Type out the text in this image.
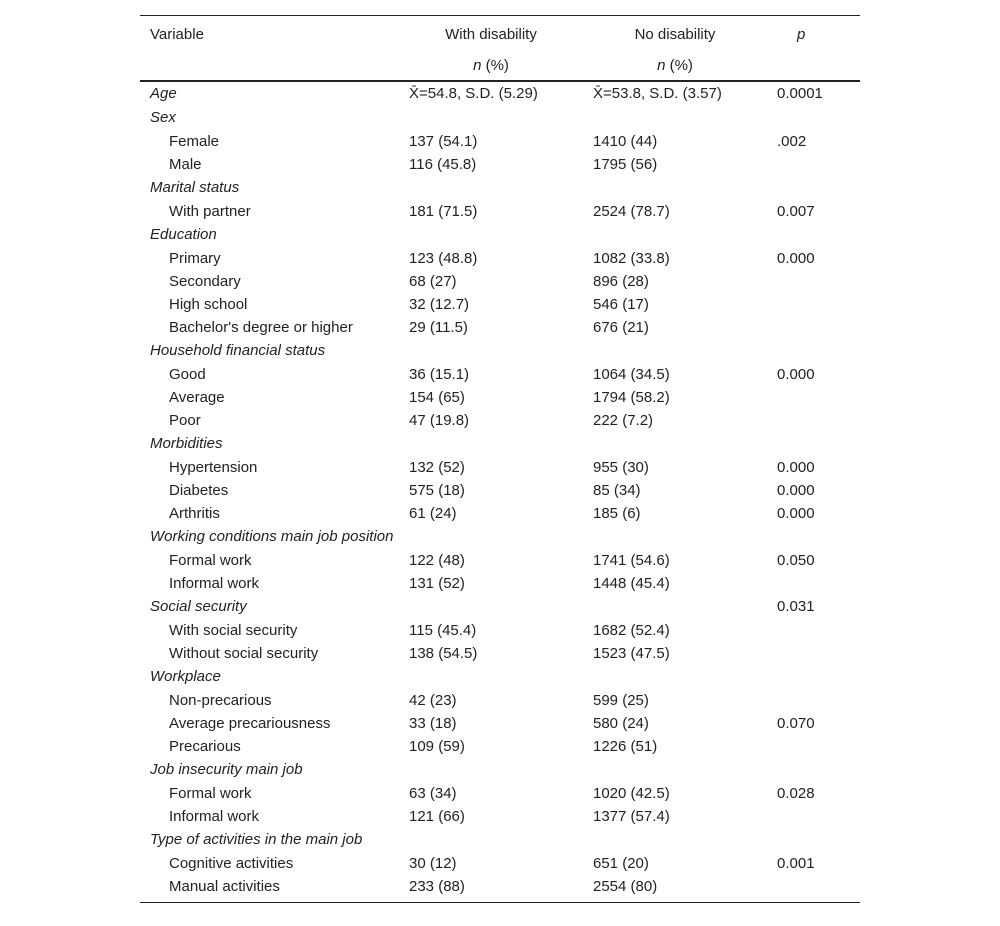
Variable	With disability	No disability	p
	n (%)	n (%)	
Age	X̄=54.8, S.D. (5.29)	X̄=53.8, S.D. (3.57)	0.0001
Sex			
Female	137 (54.1)	1410 (44)	.002
Male	116 (45.8)	1795 (56)	
Marital status			
With partner	181 (71.5)	2524 (78.7)	0.007
Education			
Primary	123 (48.8)	1082 (33.8)	0.000
Secondary	68 (27)	896 (28)	
High school	32 (12.7)	546 (17)	
Bachelor's degree or higher	29 (11.5)	676 (21)	
Household financial status			
Good	36 (15.1)	1064 (34.5)	0.000
Average	154 (65)	1794 (58.2)	
Poor	47 (19.8)	222 (7.2)	
Morbidities			
Hypertension	132 (52)	955 (30)	0.000
Diabetes	575 (18)	85 (34)	0.000
Arthritis	61 (24)	185 (6)	0.000
Working conditions main job position			
Formal work	122 (48)	1741 (54.6)	0.050
Informal work	131 (52)	1448 (45.4)	
Social security			0.031
With social security	115 (45.4)	1682 (52.4)	
Without social security	138 (54.5)	1523 (47.5)	
Workplace			
Non-precarious	42 (23)	599 (25)	
Average precariousness	33 (18)	580 (24)	0.070
Precarious	109 (59)	1226 (51)	
Job insecurity main job			
Formal work	63 (34)	1020 (42.5)	0.028
Informal work	121 (66)	1377 (57.4)	
Type of activities in the main job			
Cognitive activities	30 (12)	651 (20)	0.001
Manual activities	233 (88)	2554 (80)	
